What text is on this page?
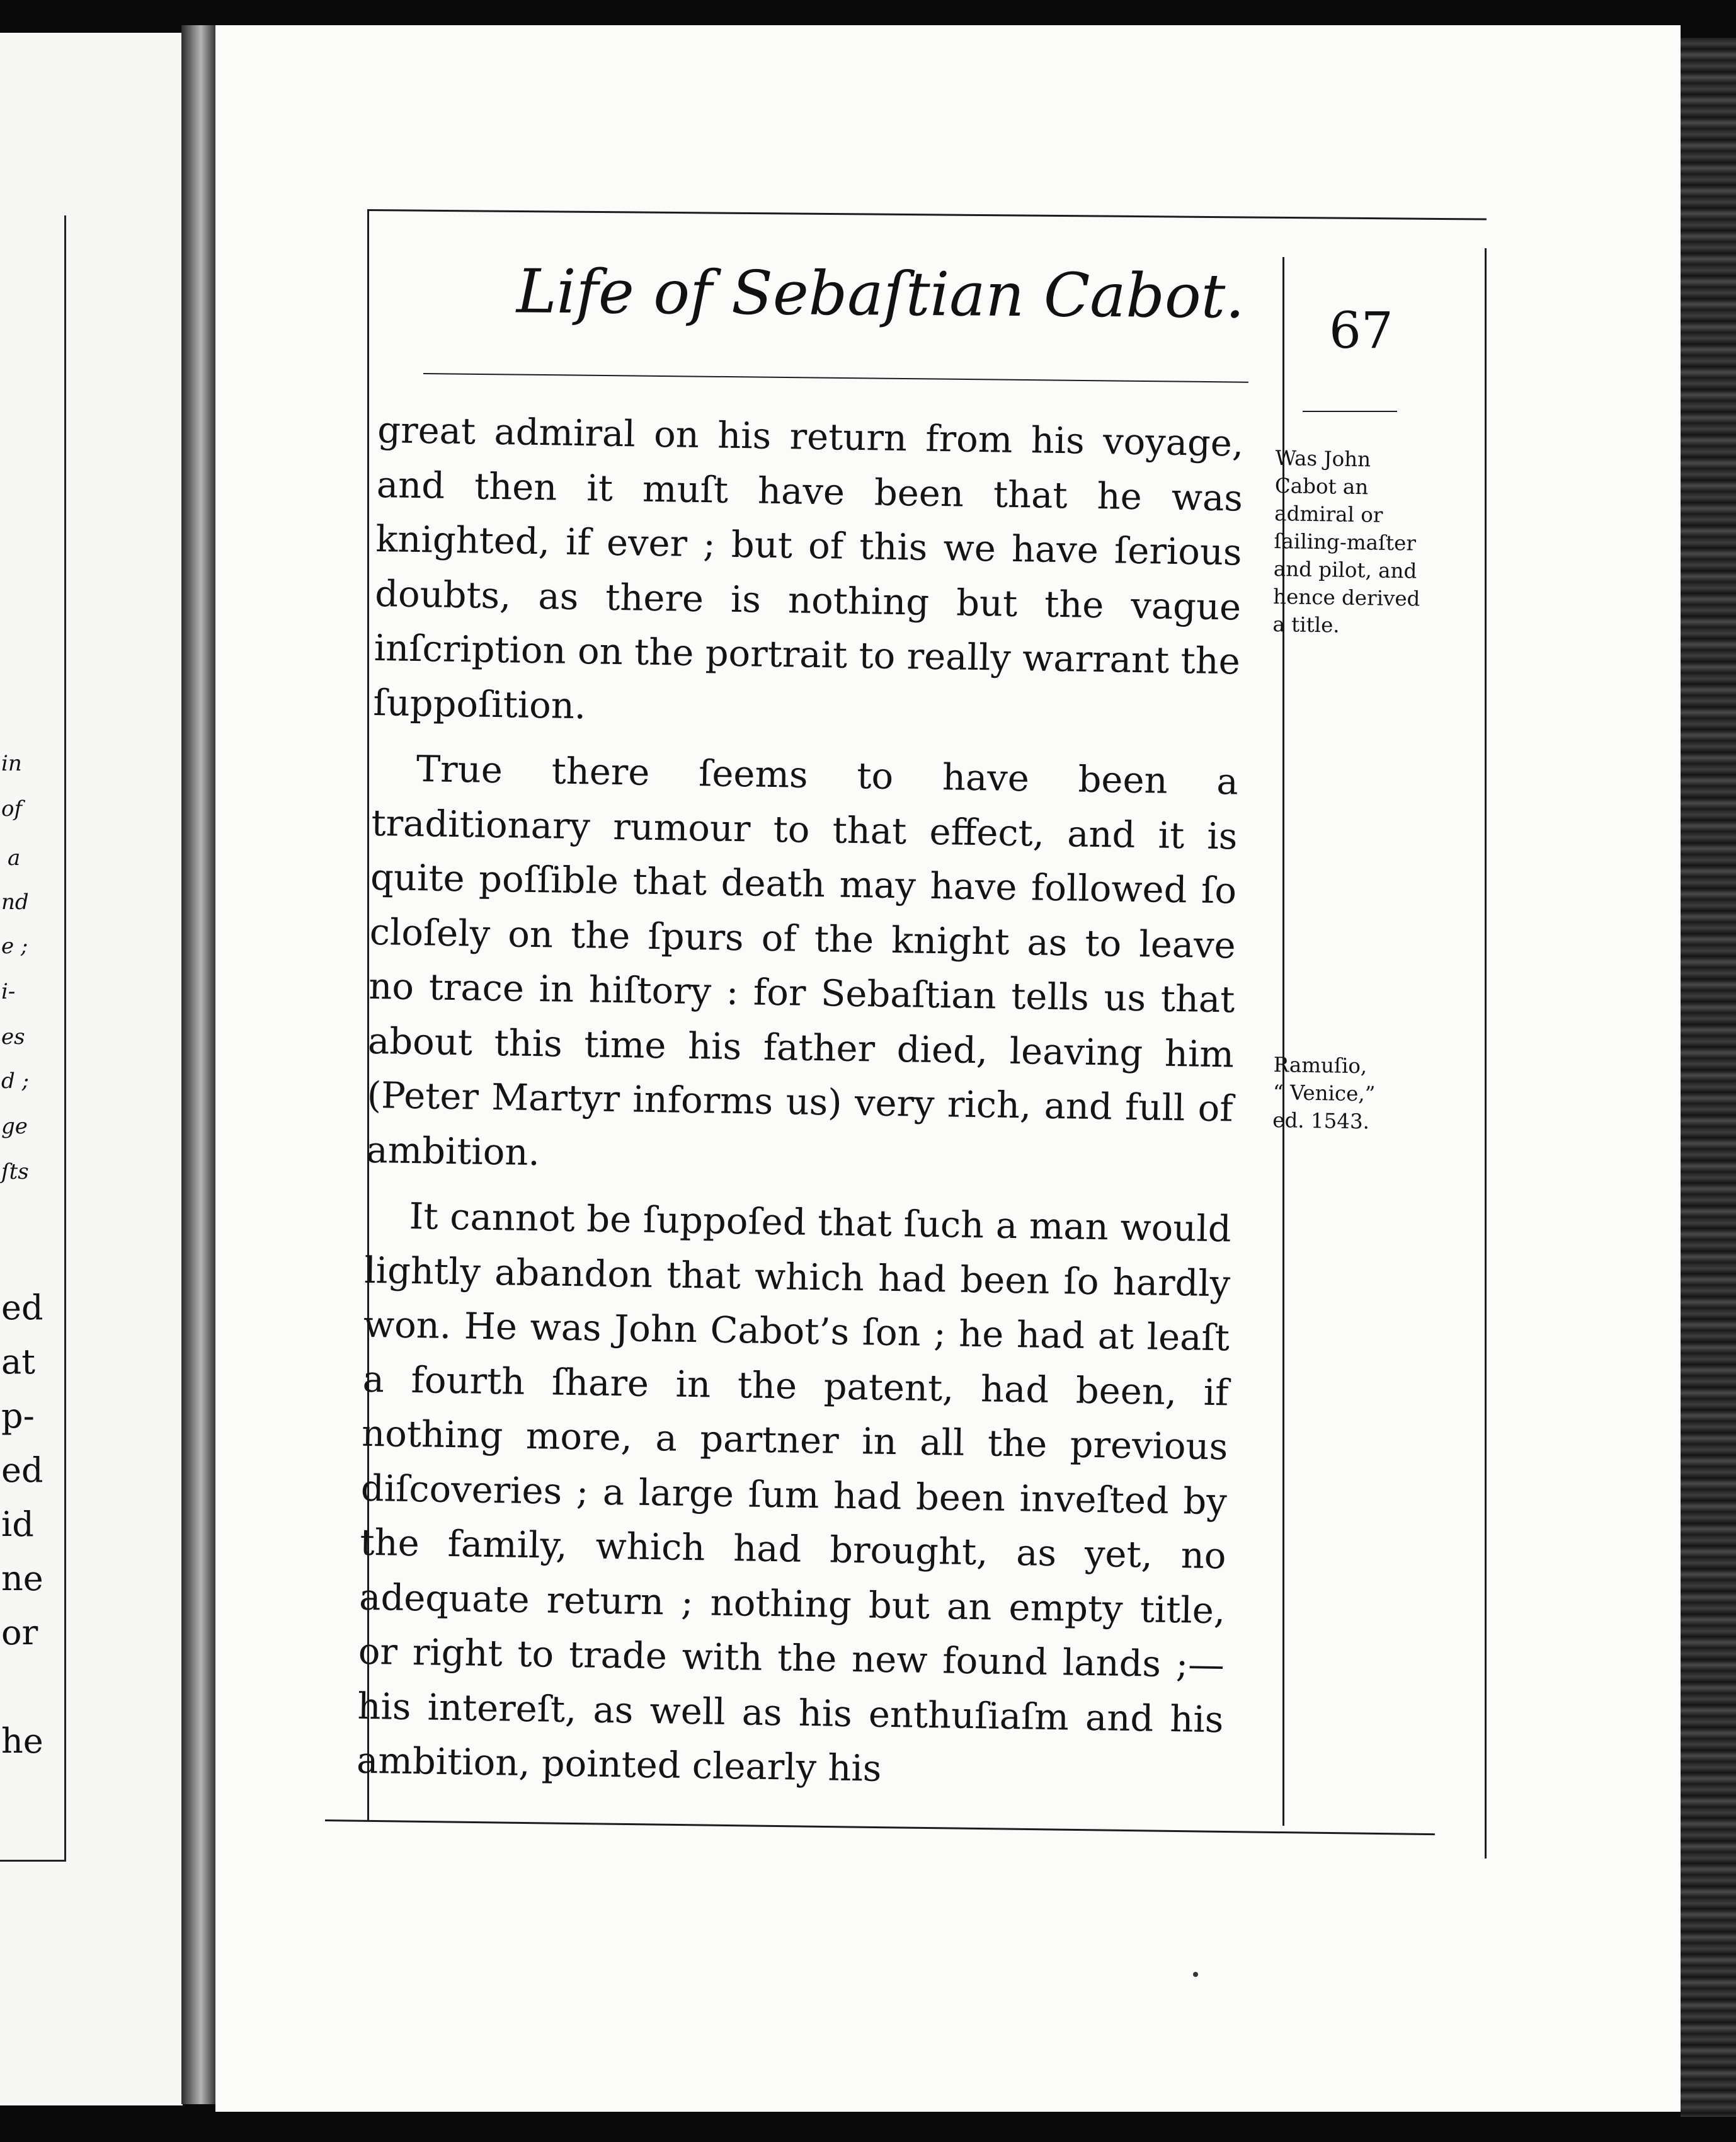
in
of
a
nd
e ;
i-
es
d ;
ge
ſts
ed
at
p-
ed
id
ne
or
he
Life of Sebaſtian Cabot. 67

great admiral on his return from his voyage, and then it muſt have been that he was knighted, if ever ; but of this we have ſerious doubts, as there is nothing but the vague inſcription on the portrait to really warrant the ſuppoſition.

True there ſeems to have been a traditionary rumour to that effect, and it is quite poſſible that death may have followed ſo cloſely on the ſpurs of the knight as to leave no trace in hiſtory : for Sebaſtian tells us that about this time his father died, leaving him (Peter Martyr informs us) very rich, and full of ambition.

It cannot be ſuppoſed that ſuch a man would lightly abandon that which had been ſo hardly won. He was John Cabot’s ſon ; he had at leaſt a fourth ſhare in the patent, had been, if nothing more, a partner in all the previous diſcoveries ; a large ſum had been inveſted by the family, which had brought, as yet, no adequate return ; nothing but an empty title, or right to trade with the new found lands ;—his intereſt, as well as his enthuſiaſm and his ambition, pointed clearly his

Was John
Cabot an
admiral or
ſailing-maſter
and pilot, and
hence derived
a title.
Ramuſio,
“ Venice,”
ed. 1543.
